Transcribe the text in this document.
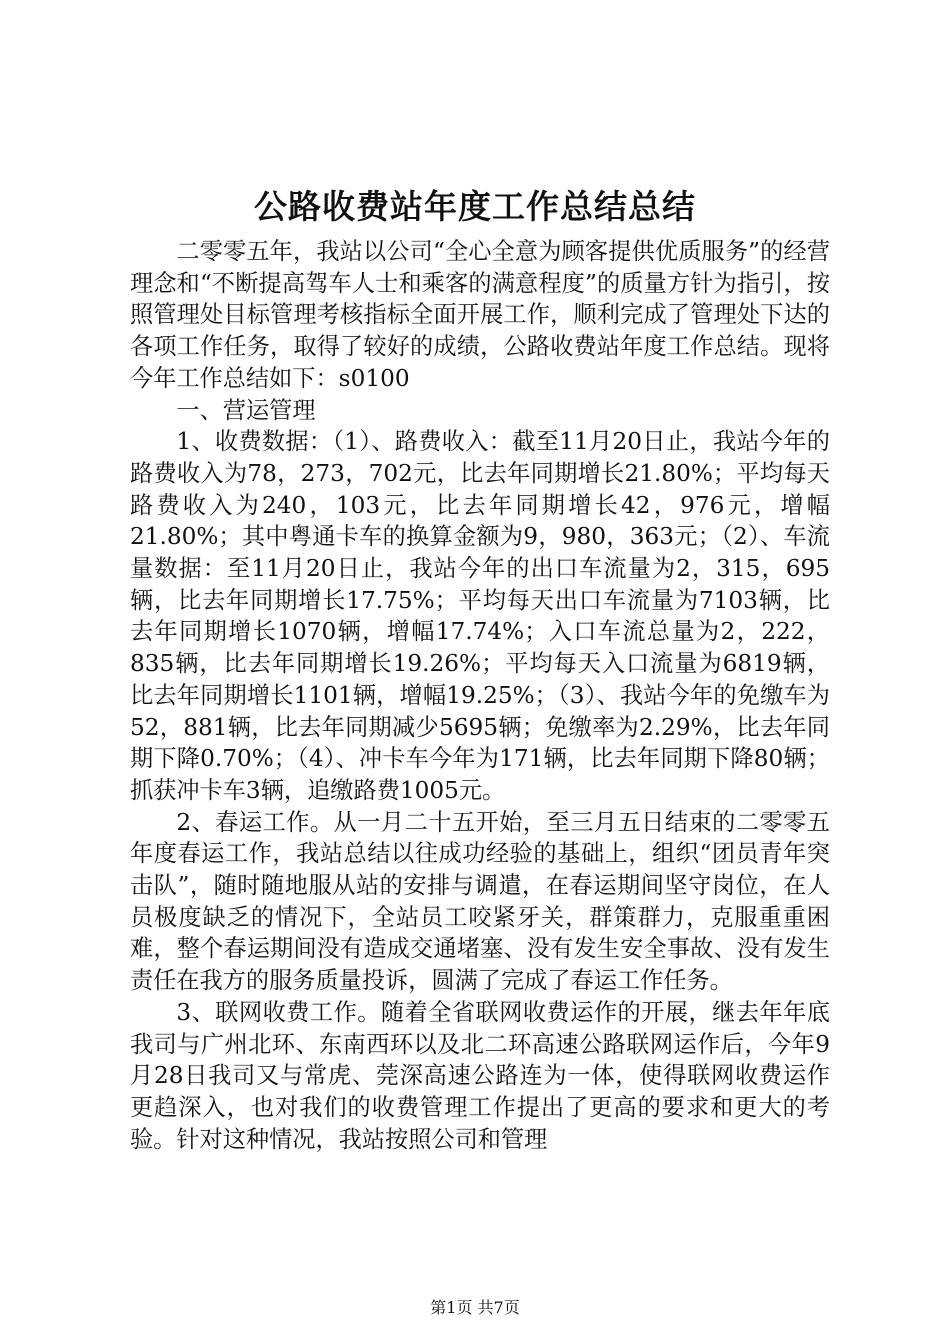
公路收费站年度工作总结总结

二零零五年，我站以公司“全心全意为顾客提供优质服务”的经营理念和“不断提高驾车人士和乘客的满意程度”的质量方针为指引，按照管理处目标管理考核指标全面开展工作，顺利完成了管理处下达的各项工作任务，取得了较好的成绩，公路收费站年度工作总结。现将今年工作总结如下：s0100

一、营运管理

1、收费数据：（1）、路费收入：截至11月20日止，我站今年的路费收入为78，273，702元，比去年同期增长21.80%；平均每天路费收入为240，103元，比去年同期增长42，976元，增幅21.80%；其中粤通卡车的换算金额为9，980，363元；（2）、车流量数据：至11月20日止，我站今年的出口车流量为2，315，695辆，比去年同期增长17.75%；平均每天出口车流量为7103辆，比去年同期增长1070辆，增幅17.74%；入口车流总量为2，222，835辆，比去年同期增长19.26%；平均每天入口流量为6819辆，比去年同期增长1101辆，增幅19.25%；（3）、我站今年的免缴车为52，881辆，比去年同期减少5695辆；免缴率为2.29%，比去年同期下降0.70%；（4）、冲卡车今年为171辆，比去年同期下降80辆；抓获冲卡车3辆，追缴路费1005元。

2、春运工作。从一月二十五开始，至三月五日结束的二零零五年度春运工作，我站总结以往成功经验的基础上，组织“团员青年突击队”，随时随地服从站的安排与调遣，在春运期间坚守岗位，在人员极度缺乏的情况下，全站员工咬紧牙关，群策群力，克服重重困难，整个春运期间没有造成交通堵塞、没有发生安全事故、没有发生责任在我方的服务质量投诉，圆满了完成了春运工作任务。

3、联网收费工作。随着全省联网收费运作的开展，继去年年底我司与广州北环、东南西环以及北二环高速公路联网运作后，今年9月28日我司又与常虎、莞深高速公路连为一体，使得联网收费运作更趋深入，也对我们的收费管理工作提出了更高的要求和更大的考验。针对这种情况，我站按照公司和管理

第1页 共7页
